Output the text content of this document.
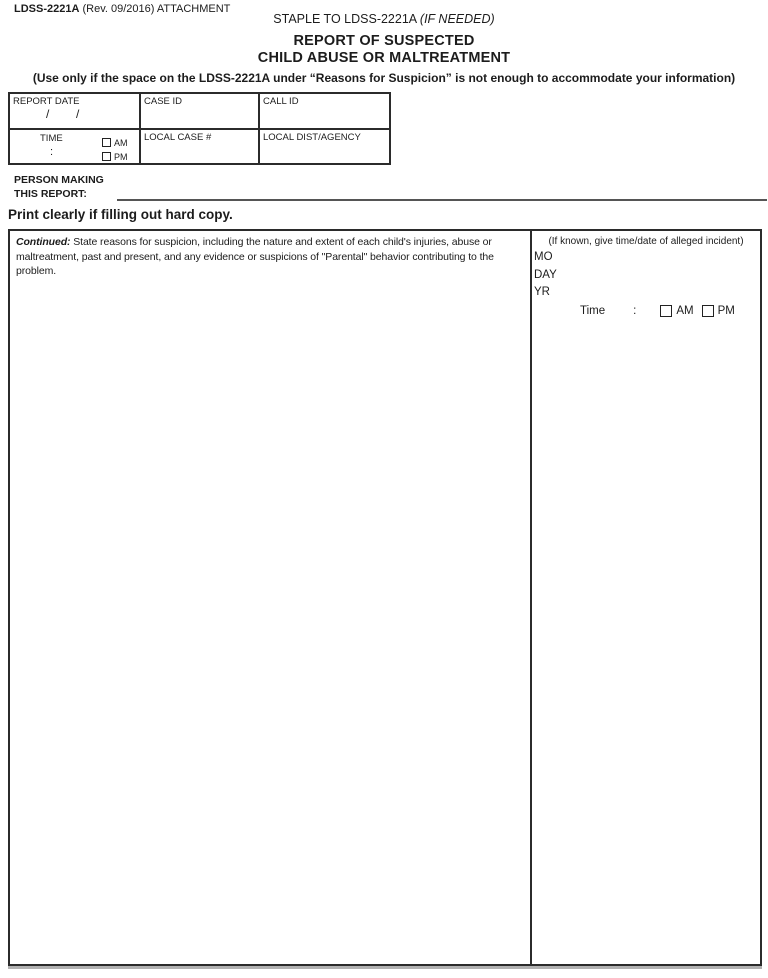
LDSS-2221A (Rev. 09/2016) ATTACHMENT
STAPLE TO LDSS-2221A (IF NEEDED)
REPORT OF SUSPECTED
CHILD ABUSE OR MALTREATMENT
(Use only if the space on the LDSS-2221A under “Reasons for Suspicion” is not enough to accommodate your information)
REPORT DATE
/ /	CASE ID	CALL ID

TIME
:
AM
PM	LOCAL CASE #	LOCAL DIST/AGENCY
PERSON MAKING
THIS REPORT:
Print clearly if filling out hard copy.
Continued: State reasons for suspicion, including the nature and extent of each child's injuries, abuse or maltreatment, past and present, and any evidence or suspicions of "Parental" behavior contributing to the problem.
(If known, give time/date of alleged incident)
MO
DAY
YR
Time :	AM PM
